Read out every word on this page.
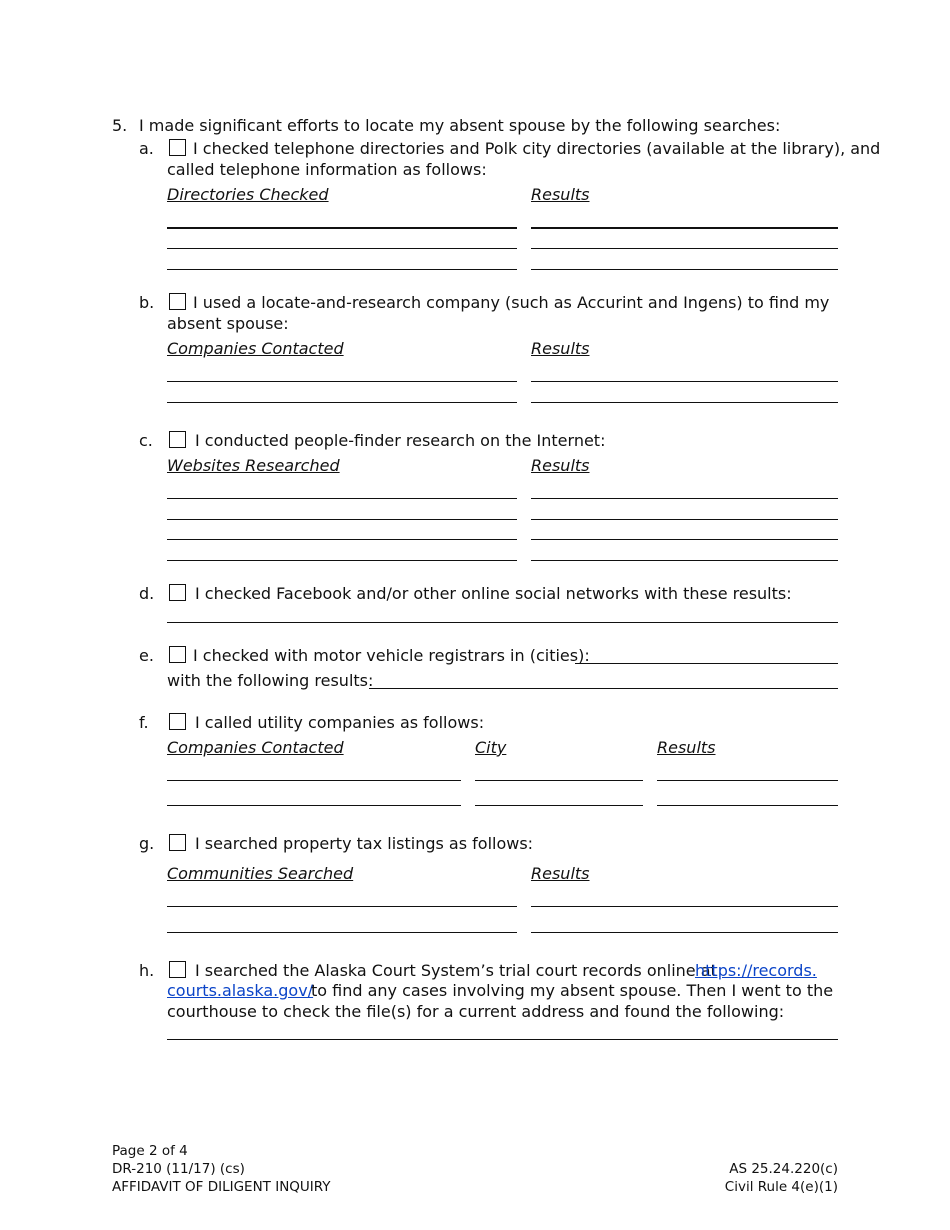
5. I made significant efforts to locate my absent spouse by the following searches:
a. I checked telephone directories and Polk city directories (available at the library), and
called telephone information as follows:
Directories Checked	Results
b. I used a locate-and-research company (such as Accurint and Ingens) to find my
absent spouse:
Companies Contacted	Results
c.	I conducted people-finder research on the Internet:
Websites Researched	Results
d.	I checked Facebook and/or other online social networks with these results:
e. I checked with motor vehicle registrars in (cities):
with the following results:
f.	I called utility companies as follows:
Companies Contacted	City	Results
g.	I searched property tax listings as follows:
Communities Searched	Results
h.	I searched the Alaska Court System’s trial court records online at
https://records.
courts.alaska.gov/
to find any cases involving my absent spouse. Then I went to the
courthouse to check the file(s) for a current address and found the following:
Page 2 of 4
DR-210 (11/17) (cs)
AFFIDAVIT OF DILIGENT INQUIRY
AS 25.24.220(c)
Civil Rule 4(e)(1)
